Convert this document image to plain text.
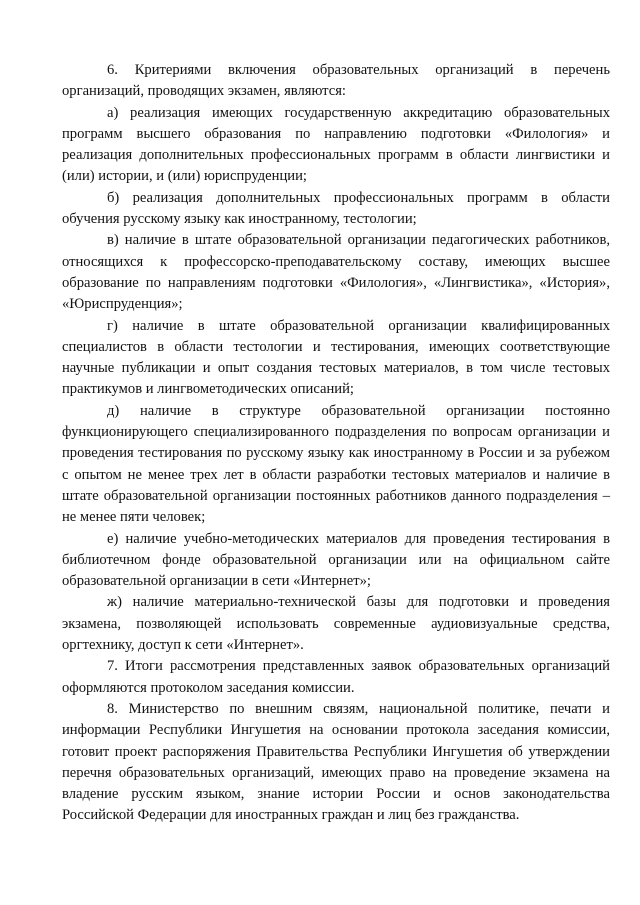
6. Критериями включения образовательных организаций в перечень организаций, проводящих экзамен, являются:

а) реализация имеющих государственную аккредитацию образовательных программ высшего образования по направлению подготовки «Филология» и реализация дополнительных профессиональных программ в области лингвистики и (или) истории, и (или) юриспруденции;

б) реализация дополнительных профессиональных программ в области обучения русскому языку как иностранному, тестологии;

в) наличие в штате образовательной организации педагогических работников, относящихся к профессорско-преподавательскому составу, имеющих высшее образование по направлениям подготовки «Филология», «Лингвистика», «История», «Юриспруденция»;

г) наличие в штате образовательной организации квалифицированных специалистов в области тестологии и тестирования, имеющих соответствующие научные публикации и опыт создания тестовых материалов, в том числе тестовых практикумов и лингвометодических описаний;

д) наличие в структуре образовательной организации постоянно функционирующего специализированного подразделения по вопросам организации и проведения тестирования по русскому языку как иностранному в России и за рубежом с опытом не менее трех лет в области разработки тестовых материалов и наличие в штате образовательной организации постоянных работников данного подразделения – не менее пяти человек;

е) наличие учебно-методических материалов для проведения тестирования в библиотечном фонде образовательной организации или на официальном сайте образовательной организации в сети «Интернет»;

ж) наличие материально-технической базы для подготовки и проведения экзамена, позволяющей использовать современные аудиовизуальные средства, оргтехнику, доступ к сети «Интернет».

7. Итоги рассмотрения представленных заявок образовательных организаций оформляются протоколом заседания комиссии.

8. Министерство по внешним связям, национальной политике, печати и информации Республики Ингушетия на основании протокола заседания комиссии, готовит проект распоряжения Правительства Республики Ингушетия об утверждении перечня образовательных организаций, имеющих право на проведение экзамена на владение русским языком, знание истории России и основ законодательства Российской Федерации для иностранных граждан и лиц без гражданства.
